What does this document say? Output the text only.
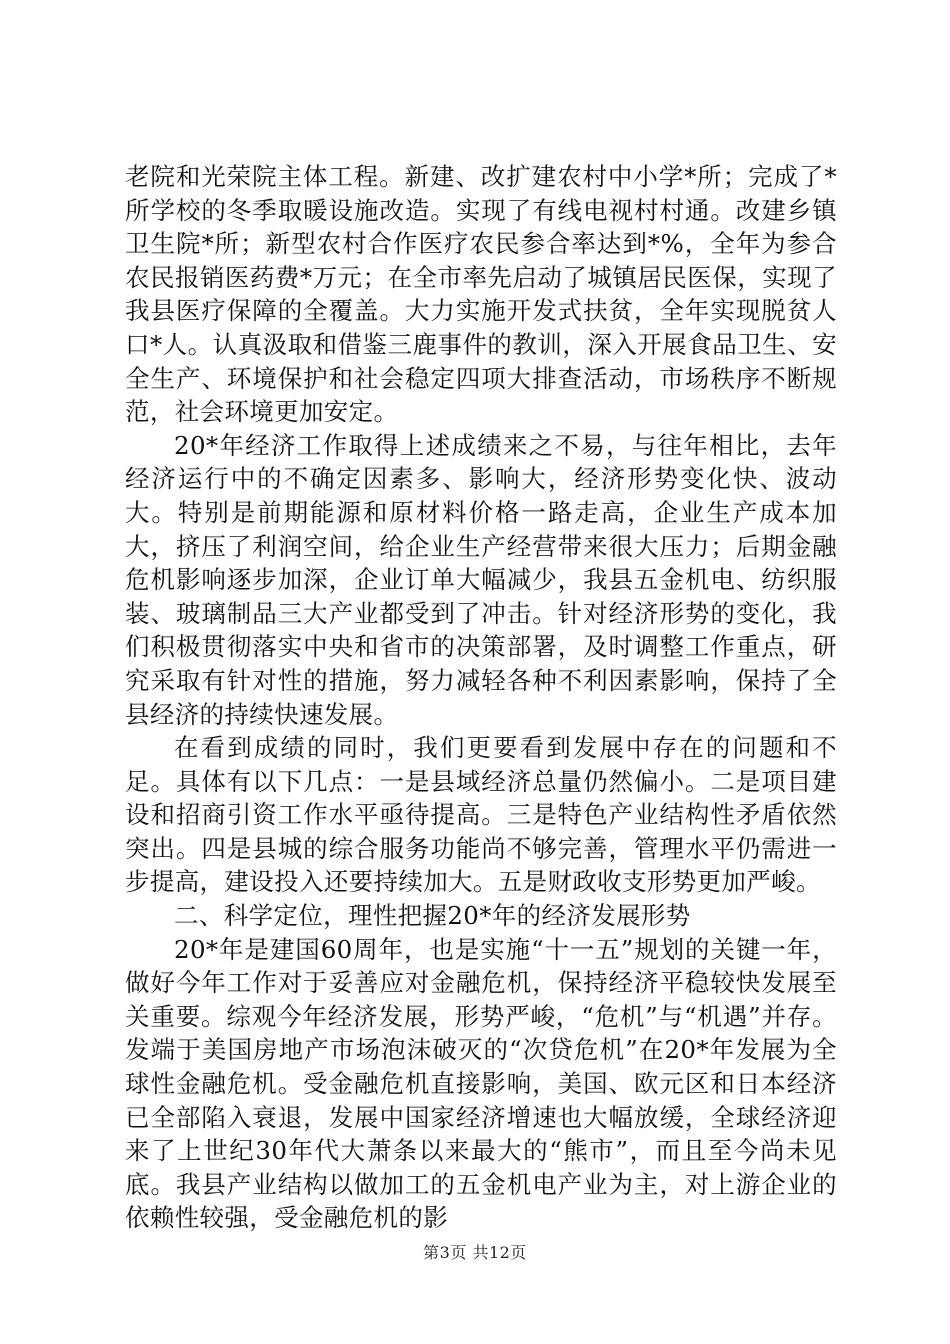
老院和光荣院主体工程。新建、改扩建农村中小学*所；完成了*所学校的冬季取暖设施改造。实现了有线电视村村通。改建乡镇卫生院*所；新型农村合作医疗农民参合率达到*%，全年为参合农民报销医药费*万元；在全市率先启动了城镇居民医保，实现了我县医疗保障的全覆盖。大力实施开发式扶贫，全年实现脱贫人口*人。认真汲取和借鉴三鹿事件的教训，深入开展食品卫生、安全生产、环境保护和社会稳定四项大排查活动，市场秩序不断规范，社会环境更加安定。

20*年经济工作取得上述成绩来之不易，与往年相比，去年经济运行中的不确定因素多、影响大，经济形势变化快、波动大。特别是前期能源和原材料价格一路走高，企业生产成本加大，挤压了利润空间，给企业生产经营带来很大压力；后期金融危机影响逐步加深，企业订单大幅减少，我县五金机电、纺织服装、玻璃制品三大产业都受到了冲击。针对经济形势的变化，我们积极贯彻落实中央和省市的决策部署，及时调整工作重点，研究采取有针对性的措施，努力减轻各种不利因素影响，保持了全县经济的持续快速发展。

在看到成绩的同时，我们更要看到发展中存在的问题和不足。具体有以下几点：一是县域经济总量仍然偏小。二是项目建设和招商引资工作水平亟待提高。三是特色产业结构性矛盾依然突出。四是县城的综合服务功能尚不够完善，管理水平仍需进一步提高，建设投入还要持续加大。五是财政收支形势更加严峻。

二、科学定位，理性把握20*年的经济发展形势

20*年是建国60周年，也是实施“十一五”规划的关键一年，做好今年工作对于妥善应对金融危机，保持经济平稳较快发展至关重要。综观今年经济发展，形势严峻，“危机”与“机遇”并存。发端于美国房地产市场泡沫破灭的“次贷危机”在20*年发展为全球性金融危机。受金融危机直接影响，美国、欧元区和日本经济已全部陷入衰退，发展中国家经济增速也大幅放缓，全球经济迎来了上世纪30年代大萧条以来最大的“熊市”，而且至今尚未见底。我县产业结构以做加工的五金机电产业为主，对上游企业的依赖性较强，受金融危机的影

第3页 共12页
